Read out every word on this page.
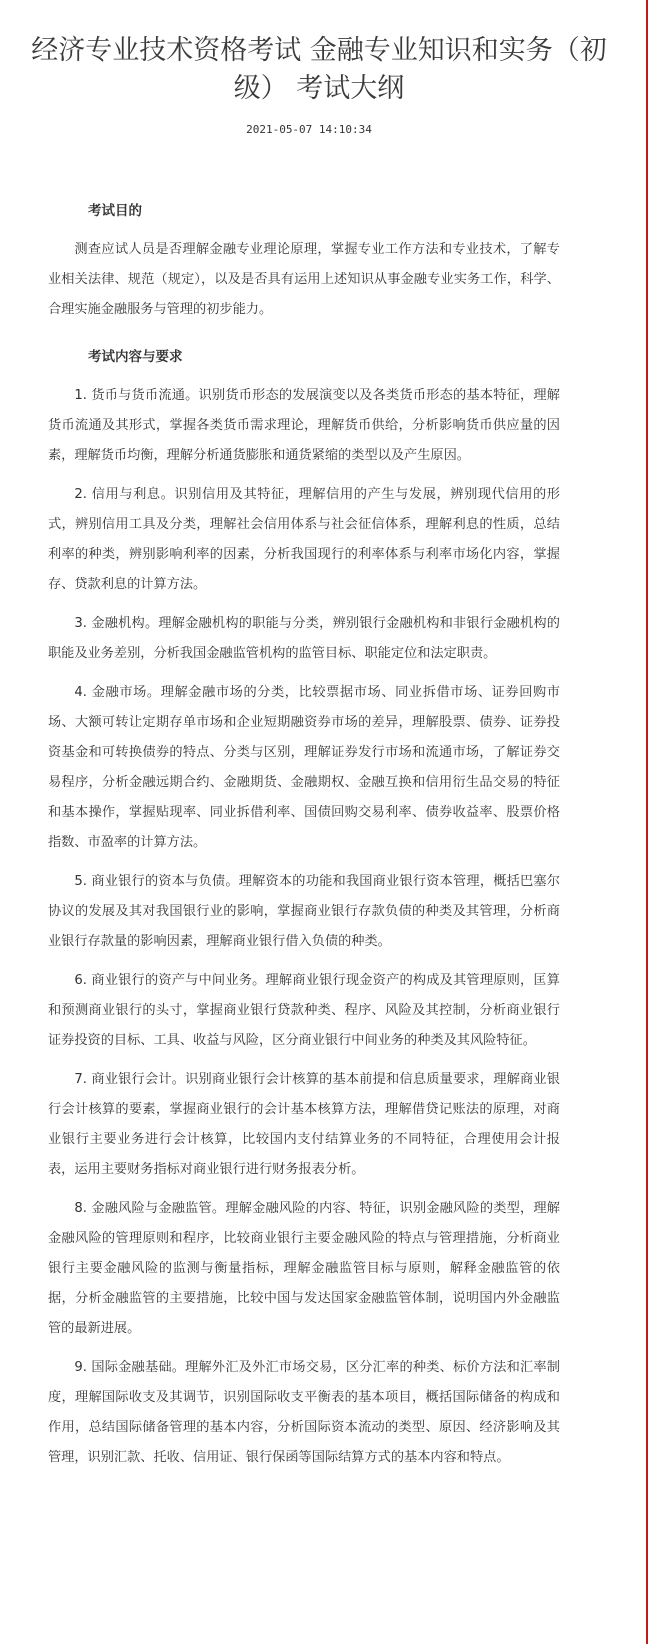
经济专业技术资格考试 金融专业知识和实务（初级） 考试大纲
2021-05-07 14:10:34
考试目的

测查应试人员是否理解金融专业理论原理，掌握专业工作方法和专业技术，了解专业相关法律、规范（规定），以及是否具有运用上述知识从事金融专业实务工作，科学、合理实施金融服务与管理的初步能力。

考试内容与要求

1. 货币与货币流通。识别货币形态的发展演变以及各类货币形态的基本特征，理解货币流通及其形式，掌握各类货币需求理论，理解货币供给，分析影响货币供应量的因素，理解货币均衡，理解分析通货膨胀和通货紧缩的类型以及产生原因。

2. 信用与利息。识别信用及其特征，理解信用的产生与发展，辨别现代信用的形式，辨别信用工具及分类，理解社会信用体系与社会征信体系，理解利息的性质，总结利率的种类，辨别影响利率的因素，分析我国现行的利率体系与利率市场化内容，掌握存、贷款利息的计算方法。

3. 金融机构。理解金融机构的职能与分类，辨别银行金融机构和非银行金融机构的职能及业务差别，分析我国金融监管机构的监管目标、职能定位和法定职责。

4. 金融市场。理解金融市场的分类，比较票据市场、同业拆借市场、证券回购市场、大额可转让定期存单市场和企业短期融资券市场的差异，理解股票、债券、证券投资基金和可转换债券的特点、分类与区别，理解证券发行市场和流通市场，了解证券交易程序，分析金融远期合约、金融期货、金融期权、金融互换和信用衍生品交易的特征和基本操作，掌握贴现率、同业拆借利率、国债回购交易利率、债券收益率、股票价格指数、市盈率的计算方法。

5. 商业银行的资本与负债。理解资本的功能和我国商业银行资本管理，概括巴塞尔协议的发展及其对我国银行业的影响，掌握商业银行存款负债的种类及其管理，分析商业银行存款量的影响因素，理解商业银行借入负债的种类。

6. 商业银行的资产与中间业务。理解商业银行现金资产的构成及其管理原则，匡算和预测商业银行的头寸，掌握商业银行贷款种类、程序、风险及其控制，分析商业银行证券投资的目标、工具、收益与风险，区分商业银行中间业务的种类及其风险特征。

7. 商业银行会计。识别商业银行会计核算的基本前提和信息质量要求，理解商业银行会计核算的要素，掌握商业银行的会计基本核算方法，理解借贷记账法的原理，对商业银行主要业务进行会计核算，比较国内支付结算业务的不同特征，合理使用会计报表，运用主要财务指标对商业银行进行财务报表分析。

8. 金融风险与金融监管。理解金融风险的内容、特征，识别金融风险的类型，理解金融风险的管理原则和程序，比较商业银行主要金融风险的特点与管理措施，分析商业银行主要金融风险的监测与衡量指标，理解金融监管目标与原则，解释金融监管的依据，分析金融监管的主要措施，比较中国与发达国家金融监管体制，说明国内外金融监管的最新进展。

9. 国际金融基础。理解外汇及外汇市场交易，区分汇率的种类、标价方法和汇率制度，理解国际收支及其调节，识别国际收支平衡表的基本项目，概括国际储备的构成和作用，总结国际储备管理的基本内容，分析国际资本流动的类型、原因、经济影响及其管理，识别汇款、托收、信用证、银行保函等国际结算方式的基本内容和特点。
